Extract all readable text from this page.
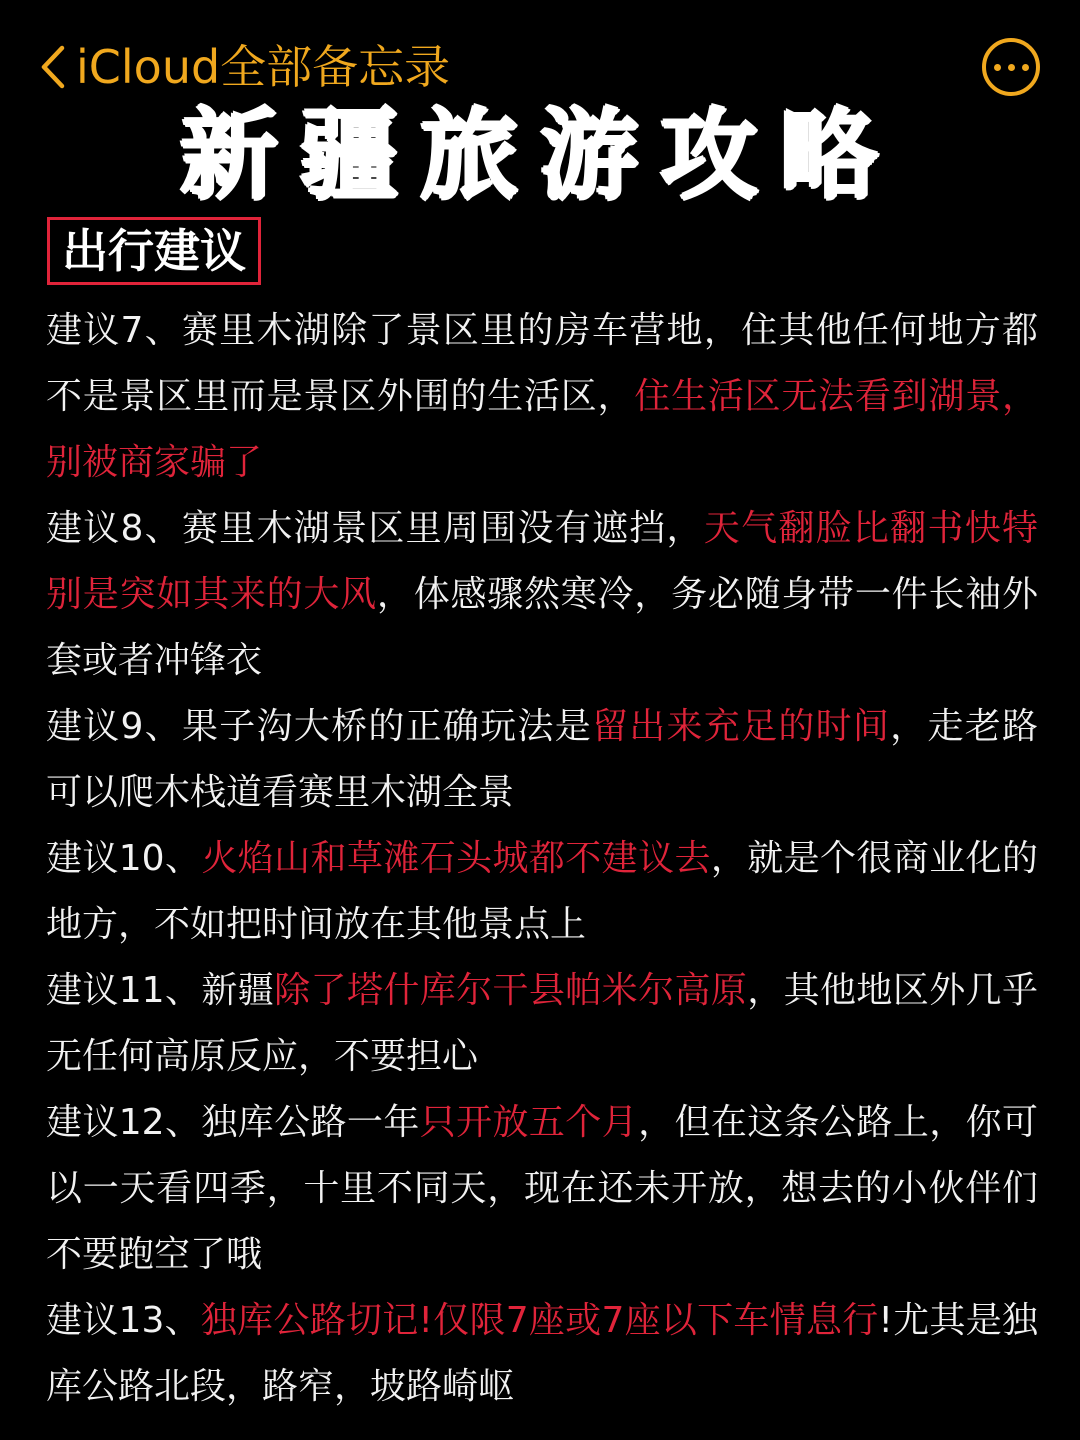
iCloud全部备忘录
新疆旅游攻略
出行建议

建议7、赛里木湖除了景区里的房车营地，住其他任何地方都不是景区里而是景区外围的生活区，住生活区无法看到湖景，别被商家骗了

建议8、赛里木湖景区里周围没有遮挡，天气翻脸比翻书快特别是突如其来的大风，体感骤然寒冷，务必随身带一件长袖外套或者冲锋衣

建议9、果子沟大桥的正确玩法是留出来充足的时间，走老路可以爬木栈道看赛里木湖全景

建议10、火焰山和草滩石头城都不建议去，就是个很商业化的地方，不如把时间放在其他景点上

建议11、新疆除了塔什库尔干县帕米尔高原，其他地区外几乎无任何高原反应，不要担心

建议12、独库公路一年只开放五个月，但在这条公路上，你可以一天看四季，十里不同天，现在还未开放，想去的小伙伴们不要跑空了哦

建议13、独库公路切记!仅限7座或7座以下车情息行!尤其是独库公路北段，路窄，坡路崎岖
